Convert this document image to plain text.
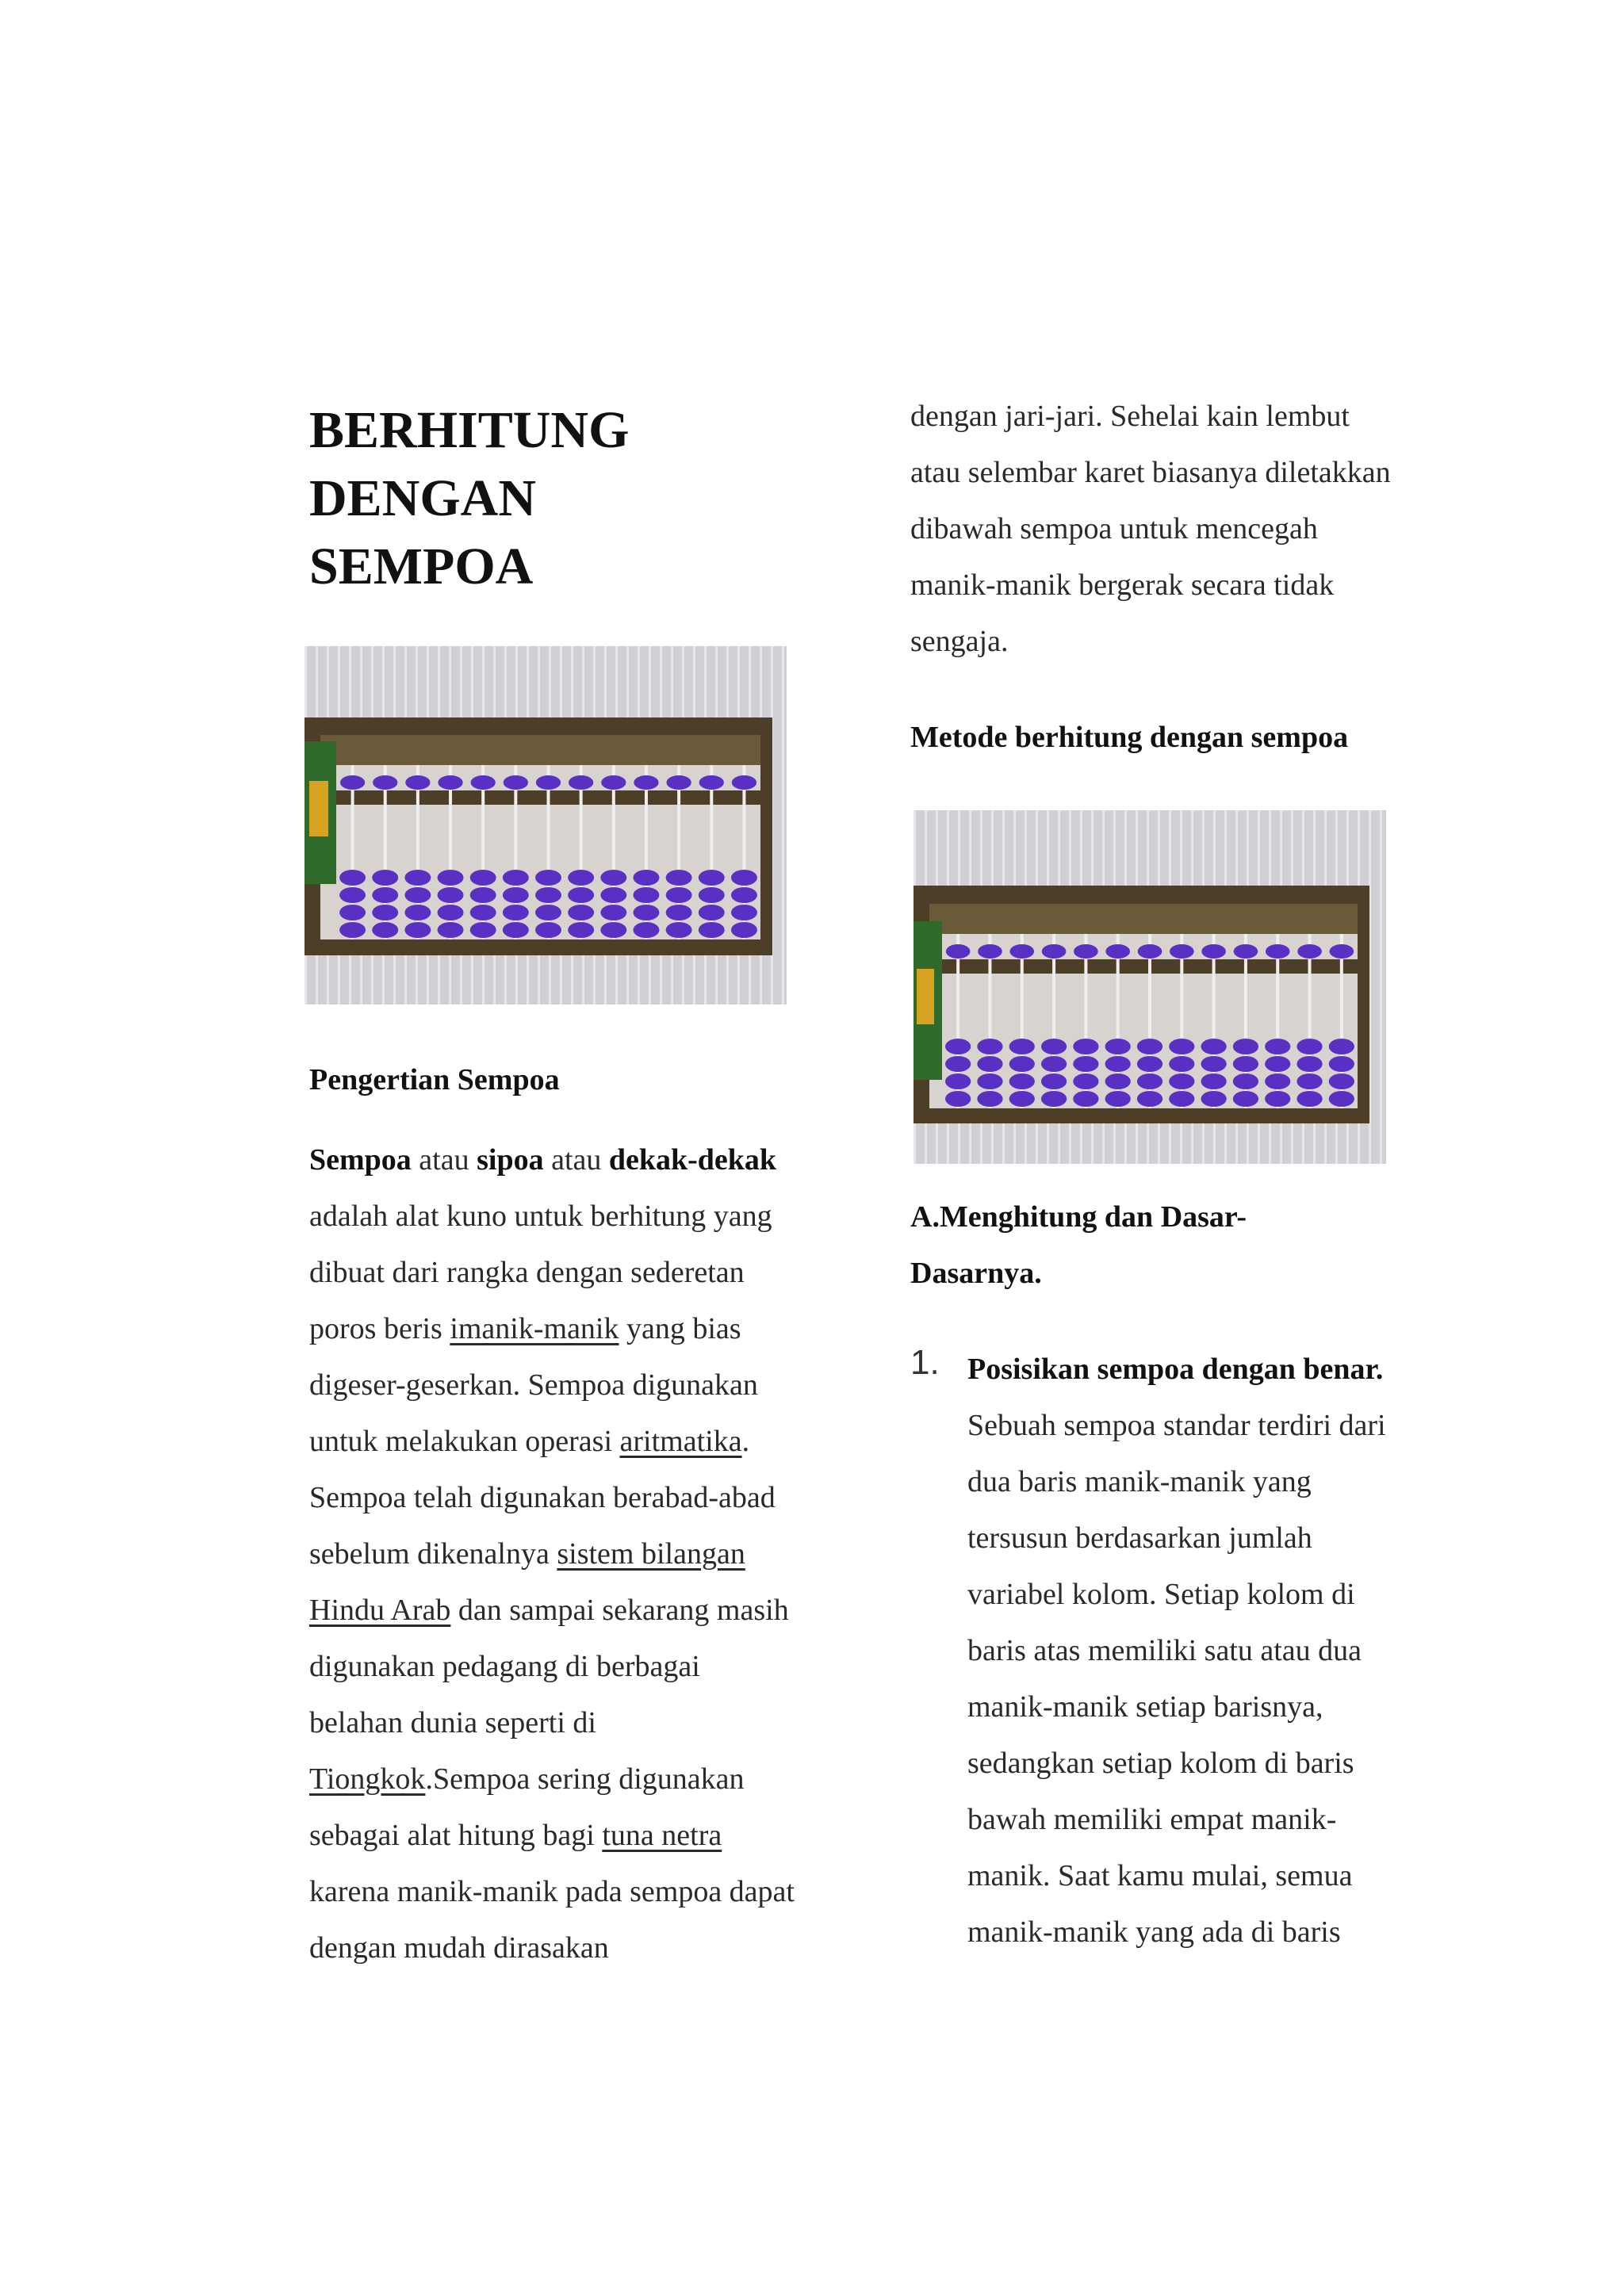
BERHITUNG
DENGAN
SEMPOA

Pengertian Sempoa

Sempoa atau sipoa atau dekak-dekak adalah alat kuno untuk berhitung yang dibuat dari rangka dengan sederetan poros beris imanik-manik yang bias digeser-geserkan. Sempoa digunakan untuk melakukan operasi aritmatika. Sempoa telah digunakan berabad-abad sebelum dikenalnya sistem bilangan Hindu Arab dan sampai sekarang masih digunakan pedagang di berbagai belahan dunia seperti di Tiongkok.Sempoa sering digunakan sebagai alat hitung bagi tuna netra karena manik-manik pada sempoa dapat dengan mudah dirasakan

dengan jari-jari. Sehelai kain lembut atau selembar karet biasanya diletakkan dibawah sempoa untuk mencegah manik-manik bergerak secara tidak sengaja.

Metode berhitung dengan sempoa

A.Menghitung dan Dasar-Dasarnya.

1. Posisikan sempoa dengan benar. Sebuah sempoa standar terdiri dari dua baris manik-manik yang tersusun berdasarkan jumlah variabel kolom. Setiap kolom di baris atas memiliki satu atau dua manik-manik setiap barisnya, sedangkan setiap kolom di baris bawah memiliki empat manik-manik. Saat kamu mulai, semua manik-manik yang ada di baris
